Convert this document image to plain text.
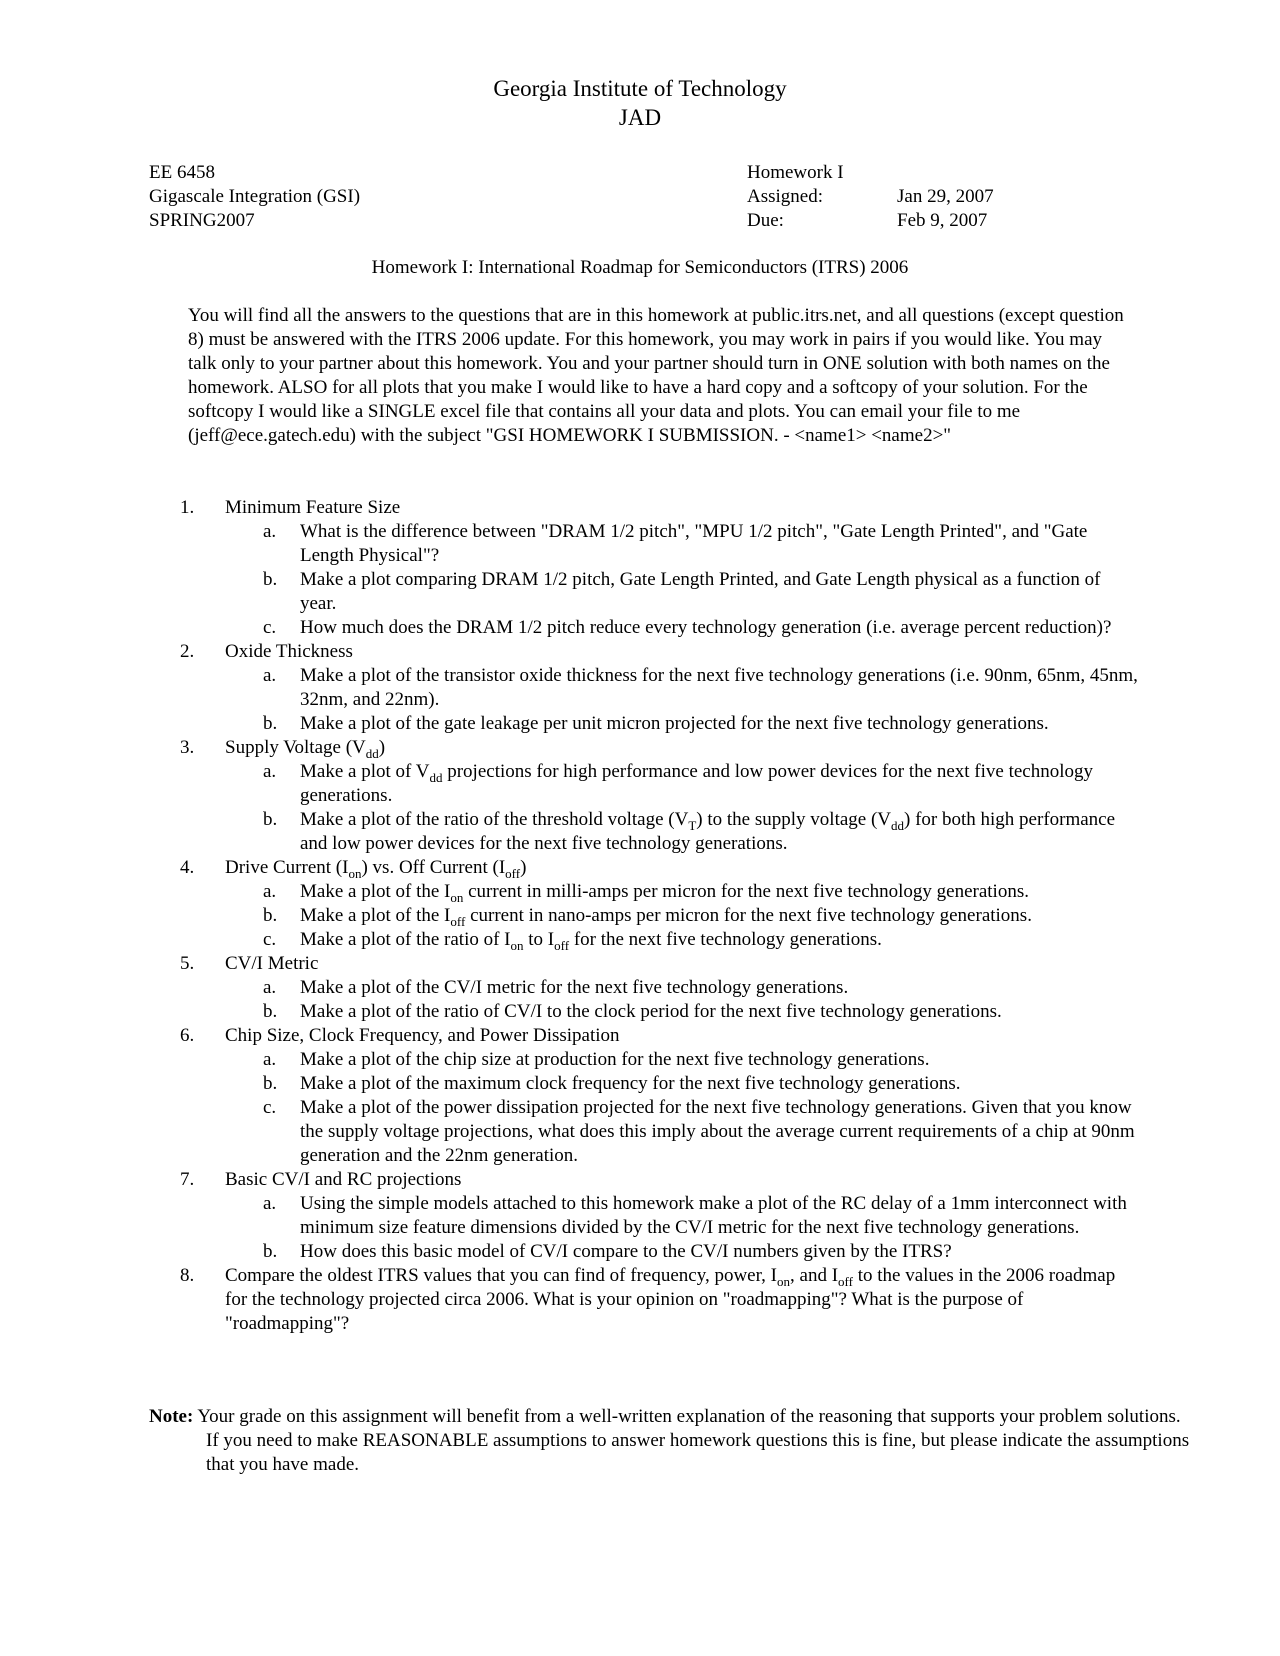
Georgia Institute of Technology
JAD
EE 6458
Gigascale Integration (GSI)
SPRING2007
Homework I
Assigned:	Jan 29, 2007
Due:	Feb 9, 2007
Homework I: International Roadmap for Semiconductors (ITRS) 2006

You will find all the answers to the questions that are in this homework at public.itrs.net, and all questions (except question 8) must be answered with the ITRS 2006 update. For this homework, you may work in pairs if you would like. You may talk only to your partner about this homework. You and your partner should turn in ONE solution with both names on the homework. ALSO for all plots that you make I would like to have a hard copy and a softcopy of your solution. For the softcopy I would like a SINGLE excel file that contains all your data and plots. You can email your file to me (jeff@ece.gatech.edu) with the subject "GSI HOMEWORK I SUBMISSION. - <name1> <name2>"

1. Minimum Feature Size
a. What is the difference between "DRAM 1/2 pitch", "MPU 1/2 pitch", "Gate Length Printed", and "Gate Length Physical"?
b. Make a plot comparing DRAM 1/2 pitch, Gate Length Printed, and Gate Length physical as a function of year.
c. How much does the DRAM 1/2 pitch reduce every technology generation (i.e. average percent reduction)?
2. Oxide Thickness
a. Make a plot of the transistor oxide thickness for the next five technology generations (i.e. 90nm, 65nm, 45nm, 32nm, and 22nm).
b. Make a plot of the gate leakage per unit micron projected for the next five technology generations.
3. Supply Voltage $(V_{dd})$
a. Make a plot of $V_{dd}$ projections for high performance and low power devices for the next five technology generations.
b. Make a plot of the ratio of the threshold voltage $(V_T)$ to the supply voltage $(V_{dd})$ for both high performance and low power devices for the next five technology generations.
4. Drive Current $(I_{on})$ vs. Off Current $(I_{off})$
a. Make a plot of the $I_{on}$ current in milli-amps per micron for the next five technology generations.
b. Make a plot of the $I_{off}$ current in nano-amps per micron for the next five technology generations.
c. Make a plot of the ratio of $I_{on}$ to $I_{off}$ for the next five technology generations.
5. CV/I Metric
a. Make a plot of the CV/I metric for the next five technology generations.
b. Make a plot of the ratio of CV/I to the clock period for the next five technology generations.
6. Chip Size, Clock Frequency, and Power Dissipation
a. Make a plot of the chip size at production for the next five technology generations.
b. Make a plot of the maximum clock frequency for the next five technology generations.
c. Make a plot of the power dissipation projected for the next five technology generations. Given that you know the supply voltage projections, what does this imply about the average current requirements of a chip at 90nm generation and the 22nm generation.
7. Basic CV/I and RC projections
a. Using the simple models attached to this homework make a plot of the RC delay of a 1mm interconnect with minimum size feature dimensions divided by the CV/I metric for the next five technology generations.
b. How does this basic model of CV/I compare to the CV/I numbers given by the ITRS?
8. Compare the oldest ITRS values that you can find of frequency, power, $I_{on}$, and $I_{off}$ to the values in the 2006 roadmap for the technology projected circa 2006. What is your opinion on "roadmapping"? What is the purpose of "roadmapping"?
Note: Your grade on this assignment will benefit from a well-written explanation of the reasoning that supports your problem solutions. If you need to make REASONABLE assumptions to answer homework questions this is fine, but please indicate the assumptions that you have made.
